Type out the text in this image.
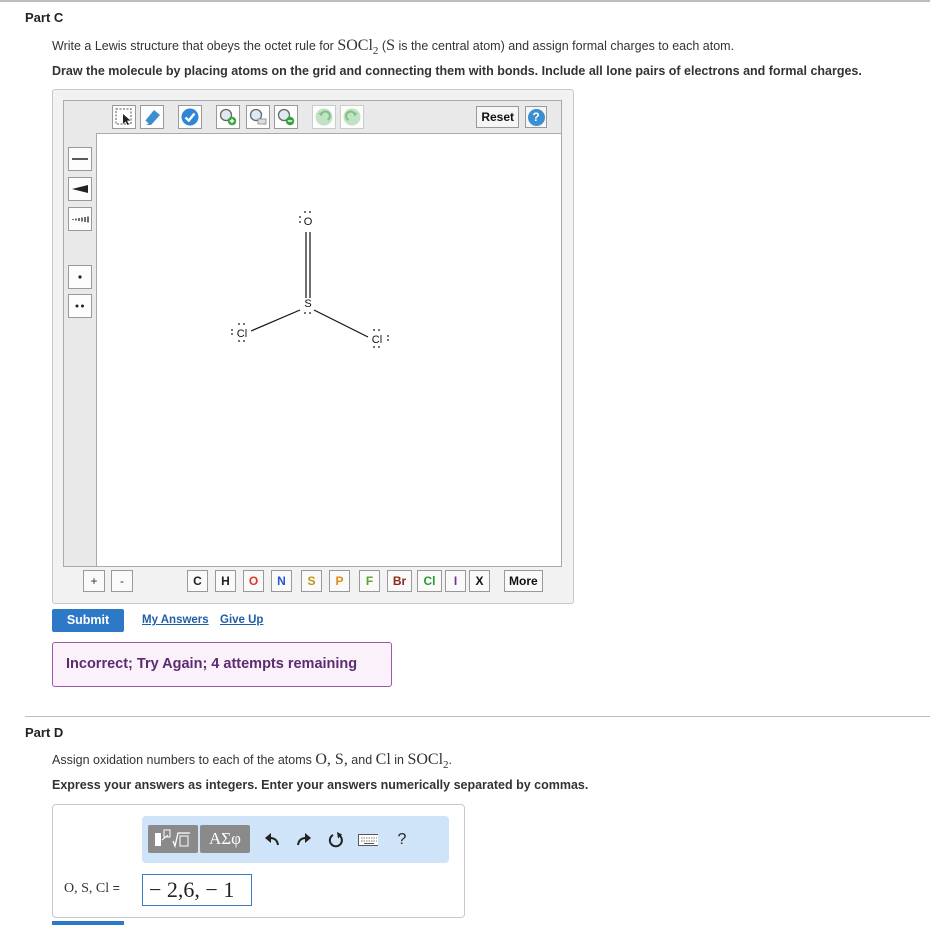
Part C
Write a Lewis structure that obeys the octet rule for SOCl$_2$ (S is the central atom) and assign formal charges to each atom.
Draw the molecule by placing atoms on the grid and connecting them with bonds. Include all lone pairs of electrons and formal charges.
Reset	?
O
S
Cl	Cl
+	-	C	H	O	N	S	P	F	Br	Cl	I	X	More
Submit	My Answers Give Up
Incorrect; Try Again; 4 attempts remaining
Part D
Assign oxidation numbers to each of the atoms O, S, and Cl in SOCl$_2$.
Express your answers as integers. Enter your answers numerically separated by commas.
ΑΣφ	?
O, S, Cl =	− 2,6, − 1
